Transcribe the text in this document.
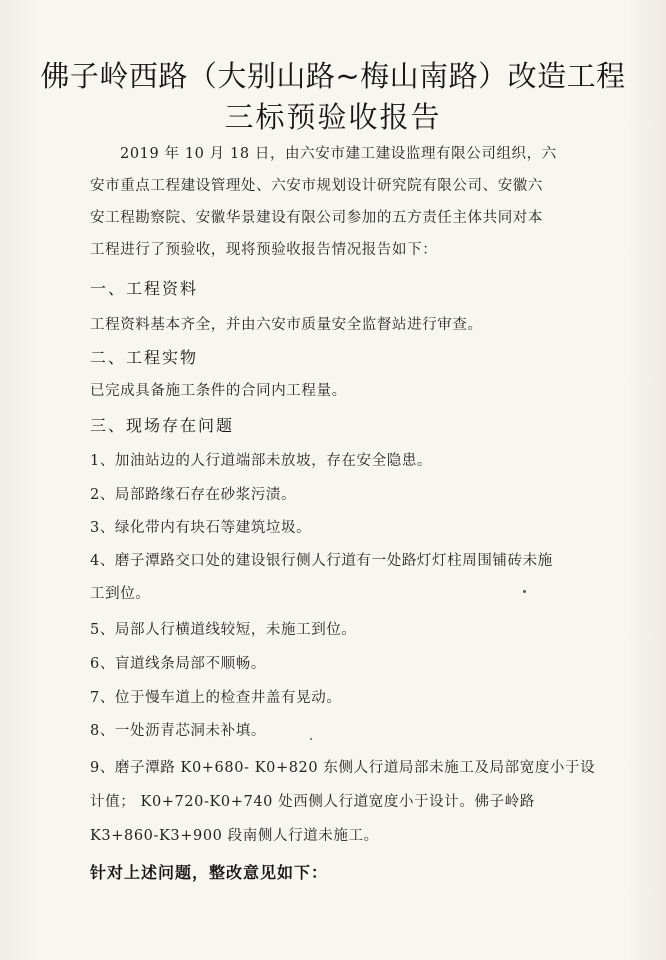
佛子岭西路（大别山路~梅山南路）改造工程
三标预验收报告
2019 年 10 月 18 日，由六安市建工建设监理有限公司组织，六
安市重点工程建设管理处、六安市规划设计研究院有限公司、安徽六
安工程勘察院、安徽华景建设有限公司参加的五方责任主体共同对本
工程进行了预验收，现将预验收报告情况报告如下：
一、工程资料
工程资料基本齐全，并由六安市质量安全监督站进行审查。
二、工程实物
已完成具备施工条件的合同内工程量。
三、现场存在问题
1、加油站边的人行道端部未放坡，存在安全隐患。
2、局部路缘石存在砂浆污渍。
3、绿化带内有块石等建筑垃圾。
4、磨子潭路交口处的建设银行侧人行道有一处路灯灯柱周围铺砖未施
工到位。
5、局部人行横道线较短，未施工到位。
6、盲道线条局部不顺畅。
7、位于慢车道上的检查井盖有晃动。
8、一处沥青芯洞未补填。
9、磨子潭路 K0+680- K0+820 东侧人行道局部未施工及局部宽度小于设
计值； K0+720-K0+740 处西侧人行道宽度小于设计。佛子岭路
K3+860-K3+900 段南侧人行道未施工。
针对上述问题，整改意见如下：
